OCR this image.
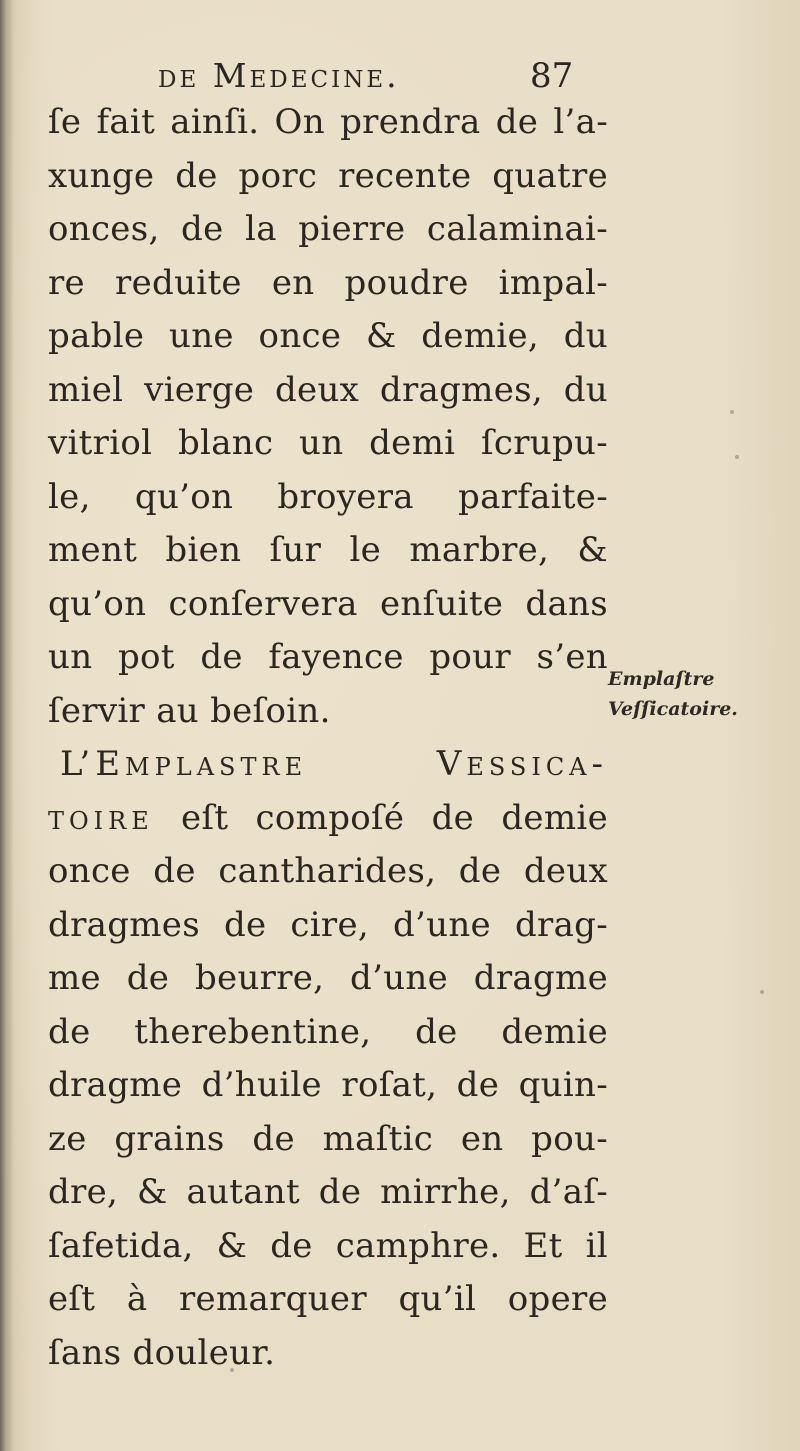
de Medecine.	87
ſe fait ainſi. On prendra de l’a-
xunge de porc recente quatre
onces, de la pierre calaminai-
re reduite en poudre impal-
pable une once & demie, du
miel vierge deux dragmes, du
vitriol blanc un demi ſcrupu-
le, qu’on broyera parfaite-
ment bien ſur le marbre, &
qu’on conſervera enſuite dans
un pot de fayence pour s’en
ſervir au beſoin.
L’Emplastre Vessica-
toire eſt compoſé de demie
once de cantharides, de deux
dragmes de cire, d’une drag-
me de beurre, d’une dragme
de therebentine, de demie
dragme d’huile roſat, de quin-
ze grains de maſtic en pou-
dre, & autant de mirrhe, d’aſ-
ſafetida, & de camphre. Et il
eſt à remarquer qu’il opere
ſans douleur.
Emplaſtre
Veſſicatoire.
